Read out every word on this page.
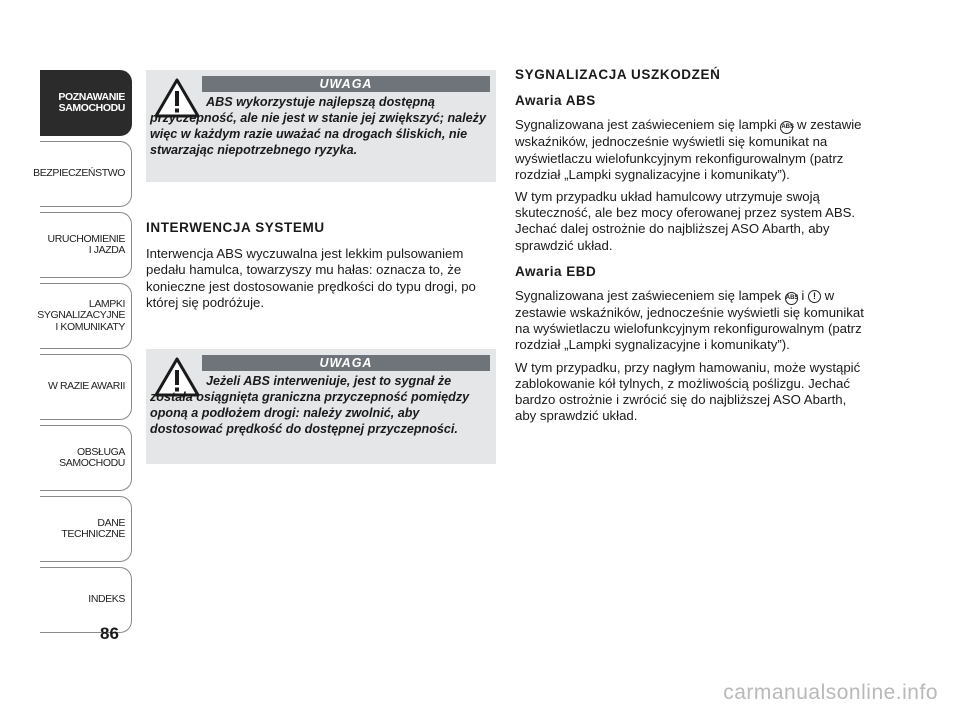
POZNAWANIE
SAMOCHODU
BEZPIECZEŃSTWO
URUCHOMIENIE
I JAZDA
LAMPKI
SYGNALIZACYJNE
I KOMUNIKATY
W RAZIE AWARII
OBSŁUGA
SAMOCHODU
DANE
TECHNICZNE
INDEKS
86
UWAGA
ABS wykorzystuje najlepszą dostępną przyczepność, ale nie jest w stanie jej zwiększyć; należy więc w każdym razie uważać na drogach śliskich, nie stwarzając niepotrzebnego ryzyka.
INTERWENCJA SYSTEMU

Interwencja ABS wyczuwalna jest lekkim pulsowaniem pedału hamulca, towarzyszy mu hałas: oznacza to, że konieczne jest dostosowanie prędkości do typu drogi, po której się podróżuje.

UWAGA
Jeżeli ABS interweniuje, jest to sygnał że została osiągnięta graniczna przyczepność pomiędzy oponą a podłożem drogi: należy zwolnić, aby dostosować prędkość do dostępnej przyczepności.
SYGNALIZACJA USZKODZEŃ
Awaria ABS

Sygnalizowana jest zaświeceniem się lampki ABS w zestawie wskaźników, jednocześnie wyświetli się komunikat na wyświetlaczu wielofunkcyjnym rekonfigurowalnym (patrz rozdział „Lampki sygnalizacyjne i komunikaty”).

W tym przypadku układ hamulcowy utrzymuje swoją skuteczność, ale bez mocy oferowanej przez system ABS. Jechać dalej ostrożnie do najbliższej ASO Abarth, aby sprawdzić układ.

Awaria EBD

Sygnalizowana jest zaświeceniem się lampek ABS i ! w zestawie wskaźników, jednocześnie wyświetli się komunikat na wyświetlaczu wielofunkcyjnym rekonfigurowalnym (patrz rozdział „Lampki sygnalizacyjne i komunikaty”).

W tym przypadku, przy nagłym hamowaniu, może wystąpić zablokowanie kół tylnych, z możliwością poślizgu. Jechać bardzo ostrożnie i zwrócić się do najbliższej ASO Abarth, aby sprawdzić układ.

carmanualsonline.info
